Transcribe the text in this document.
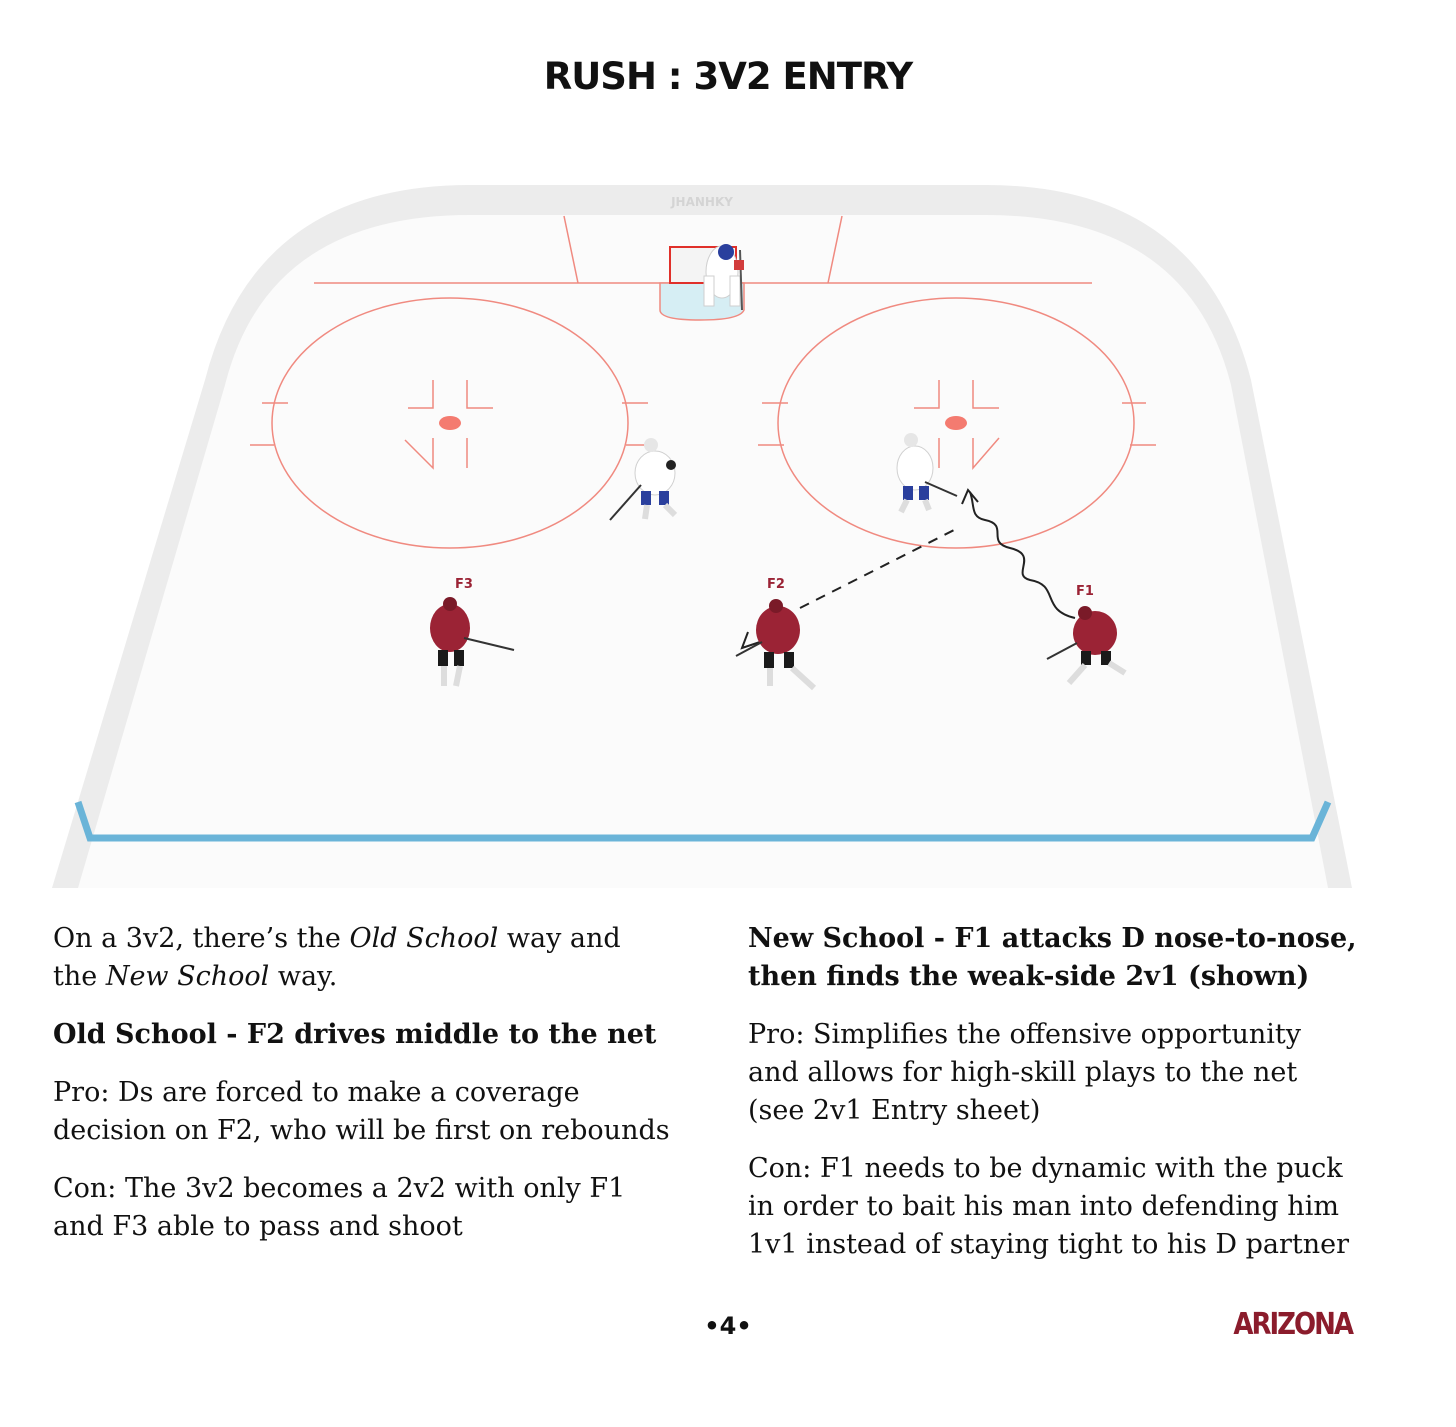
RUSH : 3V2 ENTRY
JHANHKY
F3	F2	F1

On a 3v2, there’s the Old School way and the New School way.

Old School - F2 drives middle to the net

Pro: Ds are forced to make a coverage decision on F2, who will be first on rebounds

Con: The 3v2 becomes a 2v2 with only F1 and F3 able to pass and shoot

New School - F1 attacks D nose-to-nose, then finds the weak-side 2v1 (shown)

Pro: Simplifies the offensive opportunity and allows for high-skill plays to the net (see 2v1 Entry sheet)

Con: F1 needs to be dynamic with the puck in order to bait his man into defending him 1v1 instead of staying tight to his D partner

•4•	ARIZONA
